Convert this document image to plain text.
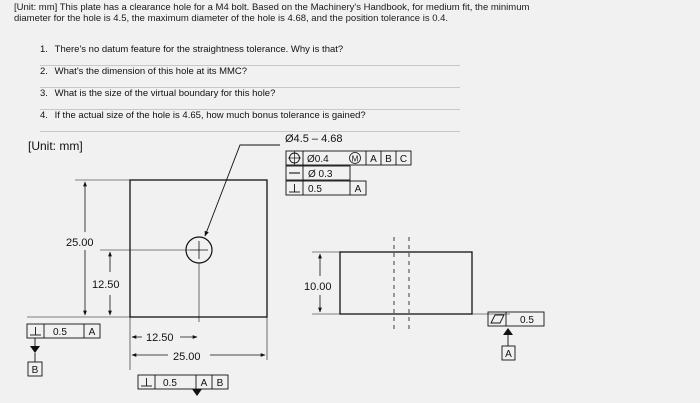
[Unit: mm] This plate has a clearance hole for a M4 bolt. Based on the Machinery's Handbook, for medium fit, the minimum diameter for the hole is 4.5, the maximum diameter of the hole is 4.68, and the position tolerance is 0.4.
1. There's no datum feature for the straightness tolerance. Why is that?
2. What's the dimension of this hole at its MMC?
3. What is the size of the virtual boundary for this hole?
4. If the actual size of the hole is 4.65, how much bonus tolerance is gained?
[Unit: mm]	Ø4.5 – 4.68
Ø0.4	M A B C
Ø 0.3
0.5	A
25.00
12.50
0.5 A
B
12.50
25.00
0.5 A B
10.00
0.5
A
